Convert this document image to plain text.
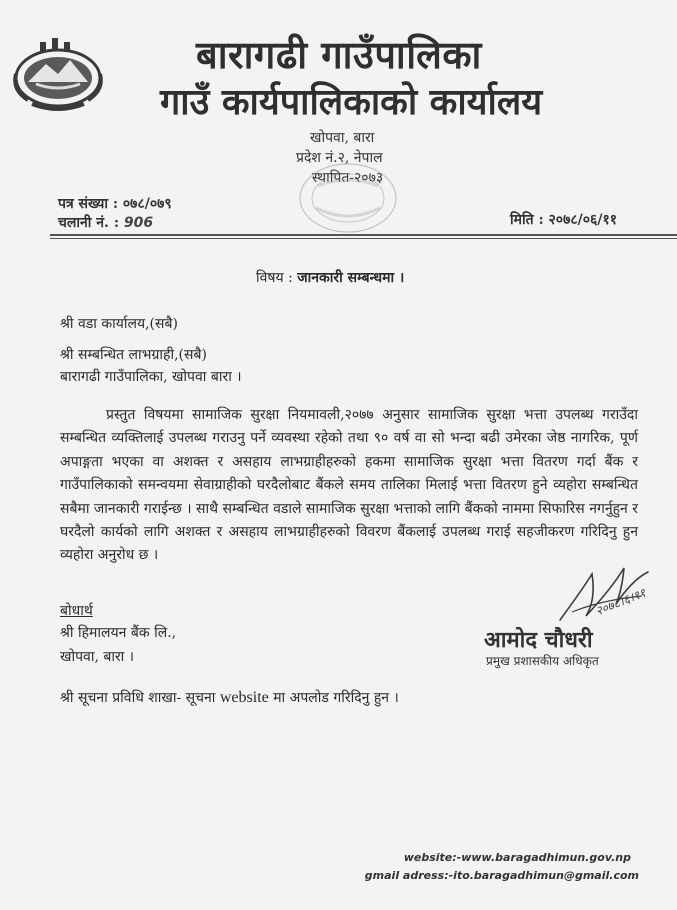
बारागढी गाउँपालिका
गाउँ कार्यपालिकाको कार्यालय
खोपवा, बारा
प्रदेश नं.२, नेपाल
स्थापित-२०७३
पत्र संख्या : ०७८/०७९
चलानी नं. : 906	मिति : २०७८/०६/११
विषय : जानकारी सम्बन्धमा ।
श्री वडा कार्यालय,(सबै)
श्री सम्बन्धित लाभग्राही,(सबै)
बारागढी गाउँपालिका, खोपवा बारा ।
प्रस्तुत विषयमा सामाजिक सुरक्षा नियमावली,२०७७ अनुसार सामाजिक सुरक्षा भत्ता उपलब्ध गराउँदा सम्बन्धित व्यक्तिलाई उपलब्ध गराउनु पर्ने व्यवस्था रहेको तथा ९० वर्ष वा सो भन्दा बढी उमेरका जेष्ठ नागरिक, पूर्ण अपाङ्गता भएका वा अशक्त र असहाय लाभग्राहीहरुको हकमा सामाजिक सुरक्षा भत्ता वितरण गर्दा बैंक र गाउँपालिकाको समन्वयमा सेवाग्राहीको घरदैलोबाट बैंकले समय तालिका मिलाई भत्ता वितरण हुने व्यहोरा सम्बन्धित सबैमा जानकारी गराईन्छ । साथै सम्बन्धित वडाले सामाजिक सुरक्षा भत्ताको लागि बैंकको नाममा सिफारिस नगर्नुहुन र घरदैलो कार्यको लागि अशक्त र असहाय लाभग्राहीहरुको विवरण बैंकलाई उपलब्ध गराई सहजीकरण गरिदिनु हुन व्यहोरा अनुरोध छ ।
बोधार्थ
श्री हिमालयन बैंक लि.,
खोपवा, बारा ।
२०७८।६।११
आमोद चौधरी
प्रमुख प्रशासकीय अधिकृत
श्री सूचना प्रविधि शाखा- सूचना website मा अपलोड गरिदिनु हुन ।
website:-www.baragadhimun.gov.np
gmail adress:-ito.baragadhimun@gmail.com
